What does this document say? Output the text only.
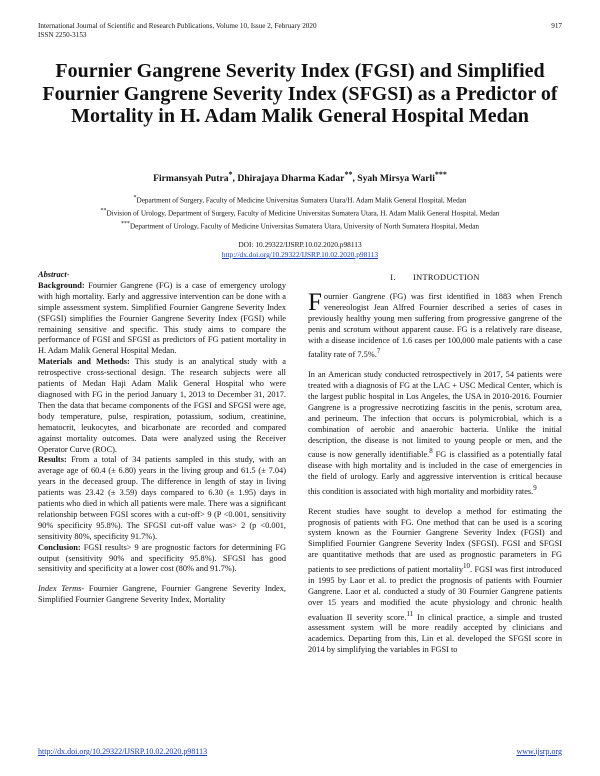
International Journal of Scientific and Research Publications, Volume 10, Issue 2, February 2020	917
ISSN 2250-3153
Fournier Gangrene Severity Index (FGSI) and Simplified Fournier Gangrene Severity Index (SFGSI) as a Predictor of Mortality in H. Adam Malik General Hospital Medan
Firmansyah Putra*, Dhirajaya Dharma Kadar**, Syah Mirsya Warli***
*Department of Surgery, Faculty of Medicine Universitas Sumatera Utara/H. Adam Malik General Hospital, Medan
**Division of Urology, Department of Surgery, Faculty of Medicine Universitas Sumatera Utara, H. Adam Malik General Hospital, Medan
***Department of Urology, Faculty of Medicine Universitas Sumatera Utara, University of North Sumatera Hospital, Medan
DOI: 10.29322/IJSRP.10.02.2020.p98113
http://dx.doi.org/10.29322/IJSRP.10.02.2020.p98113

Abstract-

Background: Fournier Gangrene (FG) is a case of emergency urology with high mortality. Early and aggressive intervention can be done with a simple assessment system. Simplified Fournier Gangrene Severity Index (SFGSI) simplifies the Fournier Gangrene Severity Index (FGSI) while remaining sensitive and specific. This study aims to compare the performance of FGSI and SFGSI as predictors of FG patient mortality in H. Adam Malik General Hospital Medan.

Materials and Methods: This study is an analytical study with a retrospective cross-sectional design. The research subjects were all patients of Medan Haji Adam Malik General Hospital who were diagnosed with FG in the period January 1, 2013 to December 31, 2017. Then the data that became components of the FGSI and SFGSI were age, body temperature, pulse, respiration, potassium, sodium, creatinine, hematocrit, leukocytes, and bicarbonate are recorded and compared against mortality outcomes. Data were analyzed using the Receiver Operator Curve (ROC).

Results: From a total of 34 patients sampled in this study, with an average age of 60.4 (± 6.80) years in the living group and 61.5 (± 7.04) years in the deceased group. The difference in length of stay in living patients was 23.42 (± 3.59) days compared to 6.30 (± 1.95) days in patients who died in which all patients were male. There was a significant relationship between FGSI scores with a cut-off> 9 (P <0.001, sensitivity 90% specificity 95.8%). The SFGSI cut-off value was> 2 (p <0.001, sensitivity 80%, specificity 91.7%).

Conclusion: FGSI results> 9 are prognostic factors for determining FG output (sensitivity 90% and specificity 95.8%). SFGSI has good sensitivity and specificity at a lower cost (80% and 91.7%).

Index Terms- Fournier Gangrene, Fournier Gangrene Severity Index, Simplified Fournier Gangrene Severity Index, Mortality

I.  INTRODUCTION

Fournier Gangrene (FG) was first identified in 1883 when French venereologist Jean Alfred Fournier described a series of cases in previously healthy young men suffering from progressive gangrene of the penis and scrotum without apparent cause. FG is a relatively rare disease, with a disease incidence of 1.6 cases per 100,000 male patients with a case fatality rate of 7.5%.$^7$

In an American study conducted retrospectively in 2017, 54 patients were treated with a diagnosis of FG at the LAC + USC Medical Center, which is the largest public hospital in Los Angeles, the USA in 2010-2016. Fournier Gangrene is a progressive necrotizing fascitis in the penis, scrotum area, and perineum. The infection that occurs is polymicrobial, which is a combination of aerobic and anaerobic bacteria. Unlike the initial description, the disease is not limited to young people or men, and the cause is now generally identifiable.$^8$ FG is classified as a potentially fatal disease with high mortality and is included in the case of emergencies in the field of urology. Early and aggressive intervention is critical because this condition is associated with high mortality and morbidity rates.$^9$

Recent studies have sought to develop a method for estimating the prognosis of patients with FG. One method that can be used is a scoring system known as the Fournier Gangrene Severity Index (FGSI) and Simplified Fournier Gangrene Severity Index (SFGSI). FGSI and SFGSI are quantitative methods that are used as prognostic parameters in FG patients to see predictions of patient mortality$^{10}$. FGSI was first introduced in 1995 by Laor et al. to predict the prognosis of patients with Fournier Gangrene. Laor et al. conducted a study of 30 Fournier Gangrene patients over 15 years and modified the acute physiology and chronic health evaluation II severity score.$^{11}$ In clinical practice, a simple and trusted assessment system will be more readily accepted by clinicians and academics. Departing from this, Lin et al. developed the SFGSI score in 2014 by simplifying the variables in FGSI to

http://dx.doi.org/10.29322/IJSRP.10.02.2020.p98113	www.ijsrp.org
